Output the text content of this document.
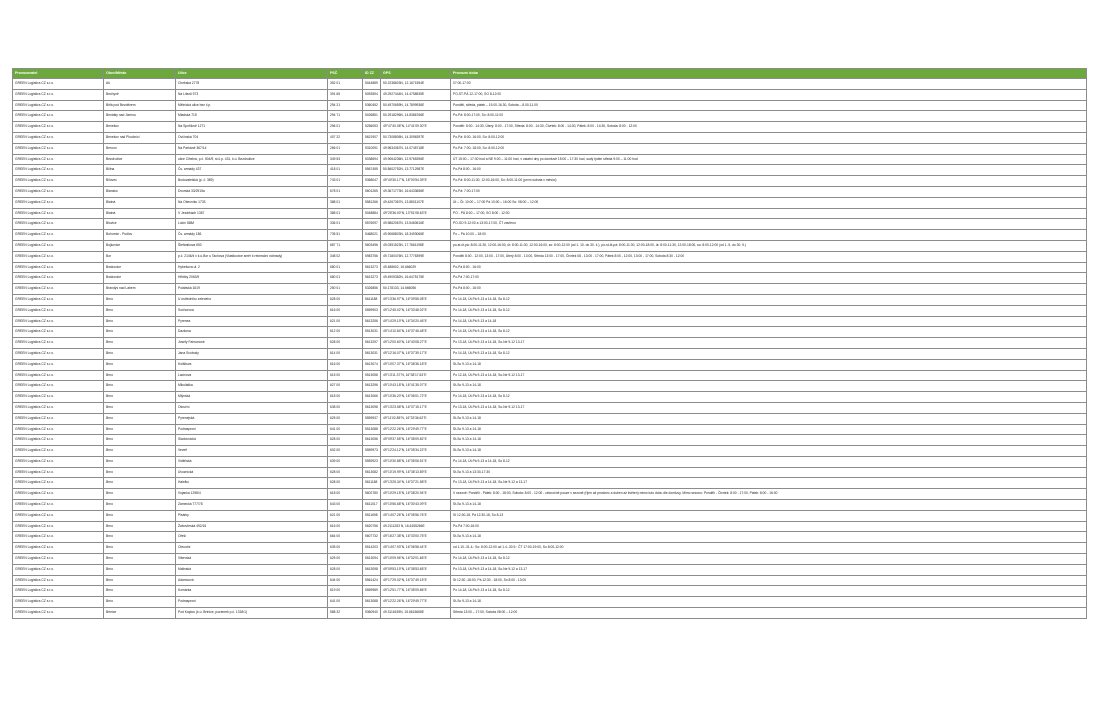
Provozovatel	Obec/Město	Ulice	PSČ	ID ZZ	GPS	Provozní doba
GREEN Logistics CZ s.r.o.	Aš	Chebská 2778	352 01	5044889	50.2238603N, 12.1671554E	07:00-17:00
GREEN Logistics CZ s.r.o.	Bechyně	Na Libuši 973	391 65	5053594	49.2927444N, 14.4758535E	PO-ST-PÁ 12-17:00, SO 8-12:00
GREEN Logistics CZ s.r.o.	Bělá pod Bezdězem	Mělnická ulice bez č.p.	294 21	5360452	50.4970659N, 14.7899936E	Pondělí, středa, pátek – 15.00-16.30, Sobota – 8.00-11.00
GREEN Logistics CZ s.r.o.	Benátky nad Jizerou	Mladská 715	294 71	5026851	50.2918296N, 14.8386766E	Po-Pá: 8:00-17:00, So: 8:00-11:00
GREEN Logistics CZ s.r.o.	Benešov	Na Spořilově 1271	256 01	5256053	49°47'40.08"N, 14°41'09.30"E	Pondělí: 8:00 - 14:30, Úterý: 8:00 - 17:00, Středa: 8:00 - 14:30, Čtvrtek: 8:00 - 14:30, Pátek: 8:00 - 14:30, Sobota: 8:00 - 12:00
GREEN Logistics CZ s.r.o.	Benešov nad Ploučnicí	Ovčínská 704	407 22	5621907	50.7308806N, 14.3096397E	Po-Pá: 8:00- 16:00, So: 8:00-12:00
GREEN Logistics CZ s.r.o.	Beroun	Na Parkáně 367/14	266 01	5310091	49.9634367N, 14.0745718E	Po-Pá: 7:00- 18:00, So: 8:00-12:00
GREEN Logistics CZ s.r.o.	Bezdružice	ulice Cihelná, p.č. 504/9, st.č.p. 431, k.ú. Bezdružice	349 53	5038694	49.9064236N, 12.9765396E	ÚT 15:00 – 17:30 hod a NE 9:00 – 11:00 hod, v ostatní dny po domluvě 15:00 – 17:30 hod, sudý týden středa 9:00 – 11:00 hod
GREEN Logistics CZ s.r.o.	Bílina	Čs. armády 437	418 01	5567455	50.5602752N, 13.7712987E	Po-Pá 8:00 - 16:00
GREEN Logistics CZ s.r.o.	Bílovec	Budovatelská (p. č. 389)	743 01	5368047	49°40'30.17"N, 18°00'54.39"E	Po-Pá: 8:00-11:30, 12:00-16:00, So: 8:00-11:00 (první sobota v měsíci)
GREEN Logistics CZ s.r.o.	Blansko	Dvorská 33/2915a	678 01	5601265	49.3671773N, 16.6433656E	Po-Pá: 7:00-17:00
GREEN Logistics CZ s.r.o.	Blatná	Na Obecníku 1733	388 01	5581266	49.4267367N, 13.8801107E	Út – Čt: 10:00 – 17:00 Pá 10:00 – 16:00 So: 08:00 – 12:00
GREEN Logistics CZ s.r.o.	Blatná	V Jezárkách 1367	388 01	5048884	49°25'36.00"N, 13°51'08.63"E	PO - PÁ 8:00 – 17:00, SO 8:00 - 12:00
GREEN Logistics CZ s.r.o.	Blovice	Luční 888/I	336 01	5576097	49.5862067N, 13.5460616E	PO-SO 9-12:00 a 13:00-17:00, ČT zavřeno
GREEN Logistics CZ s.r.o.	Bohumín - Pudlov	Čs. armády 186	735 51	5468021	49.9068803N, 18.3493066E	Po – Pá 10:00 – 18:00
GREEN Logistics CZ s.r.o.	Bojkovice	Štefánikova 653	687 71	5603496	49.0391523N, 17.7661198E	po-st-čt-pá: 8:00-11:30, 12:00-16:00, út: 8:00-11:30, 12:00-16:00, so: 8:00-12:00 (od 1. 10. do 30. 4.), po-st-čt-pá: 8:00-11:30, 12:00-18:00, út: 8:00-11:30, 12:00-18:00, so: 8:00-12:00 (od 1. 5. do 30. 9.)
GREEN Logistics CZ s.r.o.	Bor	p.č. 2146/4 v k.ú.Bor u Tachova (Vlastkovice směr k rekreační náhrady)	348 02	5983756	49.7180476N, 12.7778399E	Pondělí 8:00 - 12:00, 13:00 - 17:00, Úterý 8:00 - 13:00, Středa 13:00 - 17:00, Čtvrtek 08 - 13:00 - 17:00, Pátek 8:00 - 12:00, 13:00 - 17:00, Sobota 8:30 - 12:00
GREEN Logistics CZ s.r.o.	Boskovice	Hybešova ul. 2	680 01	5613273	49.488602, 16.666029	Po-Pá 8:00 - 16:00
GREEN Logistics CZ s.r.o.	Boskovice	Hřbitky 2063/9	680 01	5613273	49.4905382N, 16.6475175E	Po-Pá 7:00-17:00
GREEN Logistics CZ s.r.o.	Brandýs nad Labem	Polabská 1619	250 01	5326856	50.178133, 14.666056	Po-Pá 8:00 - 16:00
GREEN Logistics CZ s.r.o.	Brno	U ústředního zeleneho	628 00	5611188	49°13'36.97"N, 16°39'55.08"E	Po 14-18, Út-Pá 9-13 a 14-18, So 8-12
GREEN Logistics CZ s.r.o.	Brno	Sochorova	616 00	5559903	49°12'45.02"N, 16°33'48.02"E	Po 14-18, Út-Pá 9-13 a 14-18, So 8-12
GREEN Logistics CZ s.r.o.	Brno	Pyrenea	621 00	5613256	49°14'29.19"N, 16°34'20.46"E	Po 14-18, Út-Pá 9-13 a 14-18
GREEN Logistics CZ s.r.o.	Brno	Dazkova	612 00	5513031	49°14'10.84"N, 16°37'46.48"E	Po 14-18, Út-Pá 9-13 a 14-18, So 8-12
GREEN Logistics CZ s.r.o.	Brno	Josefy Faimonové	628 00	5613297	49°12'00.60"N, 16°40'08.27"E	Po 13-18, Út-Pá 9-13 a 14-18, So-Ne 9-12 13-17
GREEN Logistics CZ s.r.o.	Brno	Jana Svobody	614 00	5613031	49°12'16.07"N, 16°37'39.17"E	Po 14-18, Út-Pá 9-13 a 14-18, So 8-12
GREEN Logistics CZ s.r.o.	Brno	Kolištova	616 00	5613074	49°10'07.37"N, 16°38'36.18"E	St-So 9-13 a 14-18
GREEN Logistics CZ s.r.o.	Brno	Lacinova	615 00	5513058	49°13'11.37"N, 16°38'17.63"E	Po 12-18, Út-Pá 9-13 a 14-18, So-Ne 9-12 13-17
GREEN Logistics CZ s.r.o.	Brno	Mikuláška	627 00	5613296	49°10'43.18"N, 16°41'35.07"E	St-So 9-13 a 14-18
GREEN Logistics CZ s.r.o.	Brno	Mlýnská	618 00	5613066	49°10'36.20"N, 16°36'01.72"E	Po 14-18, Út-Pá 9-13 a 14-18, So 8-12
GREEN Logistics CZ s.r.o.	Brno	Okružní	638 00	5613098	49°13'23.58"N, 16°37'15.17"E	Po 13-18, Út-Pá 9-13 a 14-18, So-Ne 9-12 13-17
GREEN Logistics CZ s.r.o.	Brno	Pyrenejská	625 00	5559937	49°11'02.85"N, 16°33'36.62"E	St-So 9-13 a 14-18
GREEN Logistics CZ s.r.o.	Brno	Podrasproni	641 00	5513088	49°12'22.26"N, 16°29'49.77"E	St-So 9-13 a 14-18
GREEN Logistics CZ s.r.o.	Brno	Sladovnická	628 00	5613056	49°09'37.55"N, 16°38'09.82"E	St-So 9-13 a 14-18
GREEN Logistics CZ s.r.o.	Brno	Veveří	602 00	5559973	49°12'24.12"N, 16°35'34.22"E	St-So 9-13 a 14-18
GREEN Logistics CZ s.r.o.	Brno	Viděňská	639 00	5559923	49°10'30.88"N, 16°35'06.51"E	Po 14-18, Út-Pá 9-13 a 14-18, So 8-12
GREEN Logistics CZ s.r.o.	Brno	Úvoznická	628 00	5613082	49°10'19.99"N, 16°38'13.89"E	St-So 9-13 a 13:30-17:30
GREEN Logistics CZ s.r.o.	Brno	Halelko	628 00	5611188	49°13'25.34"N, 16°37'21.58"E	Po 13-18, Út-Pá 9-13 a 14-18, So-Ne 9-12 a 13-17
GREEN Logistics CZ s.r.o.	Brno	Vojanka 1298/4	618 00	5602780	49°10'29.15"N, 16°38'20.94"E	V sezoně: Pondělí - Pátek: 8:00 - 18:00, Sobota: 8:00 - 12:00 - celoročně pouze v sezoně (říjen až prosinec a duben až květen) mimo tuto dobu dle domluvy, Mimo sezonu: Pondělí - Čtvrtek: 8:00 - 17:00, Pátek: 8:00 - 16:00
GREEN Logistics CZ s.r.o.	Brno	Zámecká 777/78	643 00	5611017	49°10'56.68"N, 16°30'43.09"E	St-So 9-13 a 14-18
GREEN Logistics CZ s.r.o.	Brno	Pisárky	621 00	5511698	49°14'07.26"N, 16°35'56.76"E	St 12:30-18, Pá 12:30-18, So 8-13
GREEN Logistics CZ s.r.o.	Brno	Žabovřeská 492/16	616 00	5620756	49.2111283 N, 16.6155266E	Po-Pá 7:00-16:00
GREEN Logistics CZ s.r.o.	Brno	Ořeší	664 00	5607732	49°16'27.38"N, 16°33'00.75"E	St-So 9-13 a 14-18
GREEN Logistics CZ s.r.o.	Brno	Obvodní	635 00	5514203	49°14'07.93"N, 16°36'58.44"E	od 1.10.-31.4.: So: 8:00-12:00 od 1.4.-30.9.: ČT 17:00-19:00, So 8:00-12:00
GREEN Logistics CZ s.r.o.	Brno	Viševská	625 00	5513094	49°10'09.96"N, 16°32'01.66"E	Po 14-18, Út-Pá 9-13 a 14-18, So 8-12
GREEN Logistics CZ s.r.o.	Brno	Malinská	628 00	5613098	49°09'53.19"N, 16°38'53.65"E	Po 13-18, Út-Pá 9-13 a 14-18, So-Ne 9-12 a 13-17
GREEN Logistics CZ s.r.o.	Brno	Adamcová	644 00	5561424	49°17'29.02"N, 16°37'49.15"E	St 12:30 -18:00, Pá 12:30 - 18:00, So 8:00 - 13:00
GREEN Logistics CZ s.r.o.	Brno	Komárka	619 00	5559989	49°12'51.77"N, 16°35'09.86"E	Po 14-18, Út-Pá 9-13 a 14-18, So 8-12
GREEN Logistics CZ s.r.o.	Brno	Podrasproni	641 00	5613088	49°12'22.26"N, 16°29'49.77"E	St-So 9-13 a 14-18
GREEN Logistics CZ s.r.o.	Brtnice	Pod Kaplou (k.ú. Brtnice, pozemek p.č. 1318/1)	588 32	5360940	49.3116159N, 15.6615668E	Středa 13:00 – 17:00, Sobota 08:00 – 12:00
